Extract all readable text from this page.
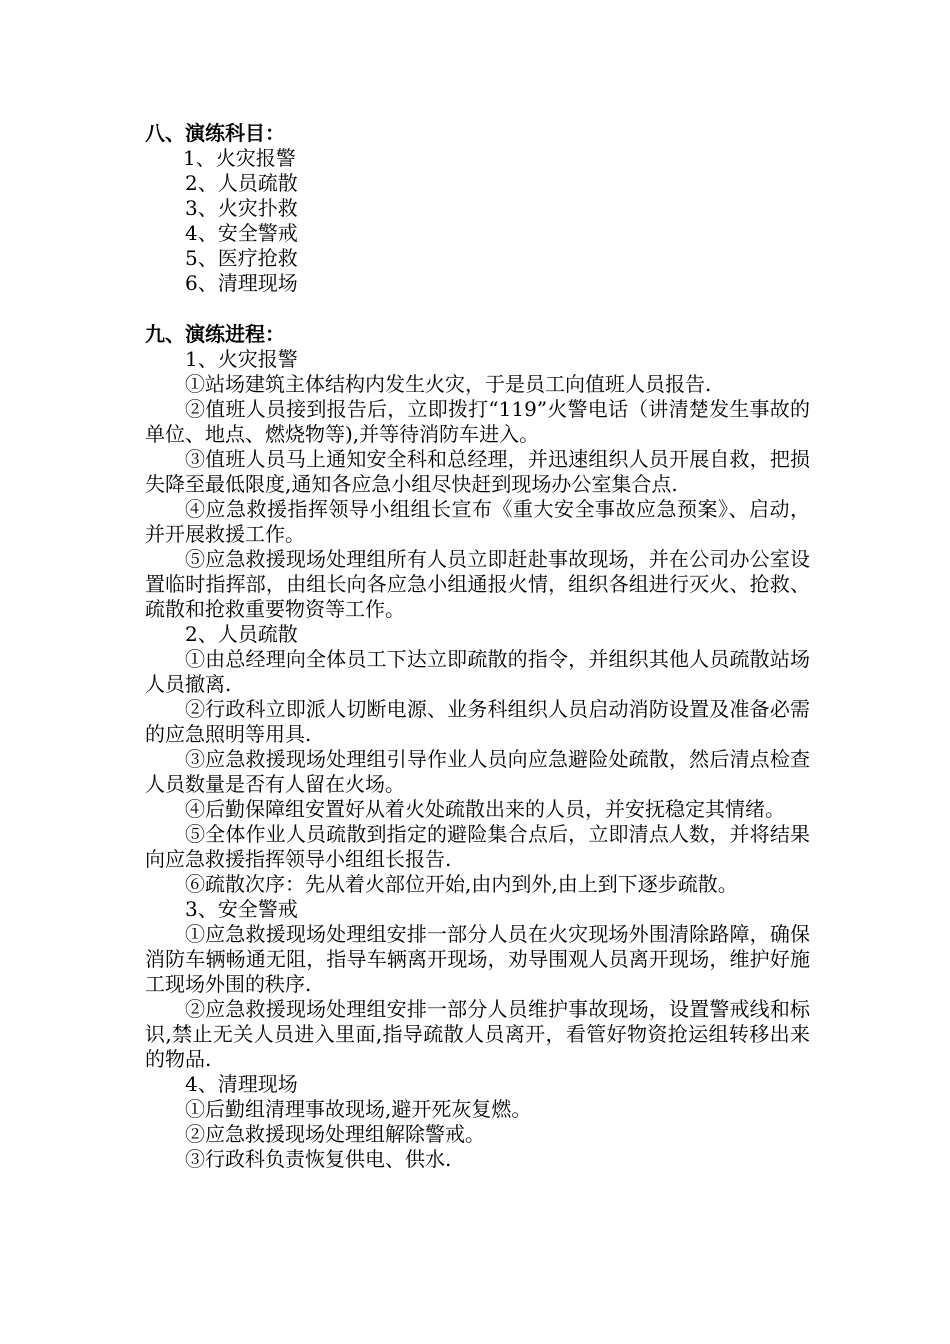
八、演练科目：

1、火灾报警

2、人员疏散

3、火灾扑救

4、安全警戒

5、医疗抢救

6、清理现场

九、演练进程：

1、火灾报警

①站场建筑主体结构内发生火灾，于是员工向值班人员报告.

②值班人员接到报告后，立即拨打“119”火警电话（讲清楚发生事故的单位、地点、燃烧物等),并等待消防车进入。

③值班人员马上通知安全科和总经理，并迅速组织人员开展自救，把损失降至最低限度,通知各应急小组尽快赶到现场办公室集合点.

④应急救援指挥领导小组组长宣布《重大安全事故应急预案》、启动，并开展救援工作。

⑤应急救援现场处理组所有人员立即赶赴事故现场，并在公司办公室设置临时指挥部，由组长向各应急小组通报火情，组织各组进行灭火、抢救、疏散和抢救重要物资等工作。

2、人员疏散

①由总经理向全体员工下达立即疏散的指令，并组织其他人员疏散站场人员撤离.

②行政科立即派人切断电源、业务科组织人员启动消防设置及准备必需的应急照明等用具.

③应急救援现场处理组引导作业人员向应急避险处疏散，然后清点检查人员数量是否有人留在火场。

④后勤保障组安置好从着火处疏散出来的人员，并安抚稳定其情绪。

⑤全体作业人员疏散到指定的避险集合点后，立即清点人数，并将结果向应急救援指挥领导小组组长报告.

⑥疏散次序：先从着火部位开始,由内到外,由上到下逐步疏散。

3、安全警戒

①应急救援现场处理组安排一部分人员在火灾现场外围清除路障，确保消防车辆畅通无阻，指导车辆离开现场，劝导围观人员离开现场，维护好施工现场外围的秩序.

②应急救援现场处理组安排一部分人员维护事故现场，设置警戒线和标识,禁止无关人员进入里面,指导疏散人员离开，看管好物资抢运组转移出来的物品.

4、清理现场

①后勤组清理事故现场,避开死灰复燃。

②应急救援现场处理组解除警戒。

③行政科负责恢复供电、供水.
